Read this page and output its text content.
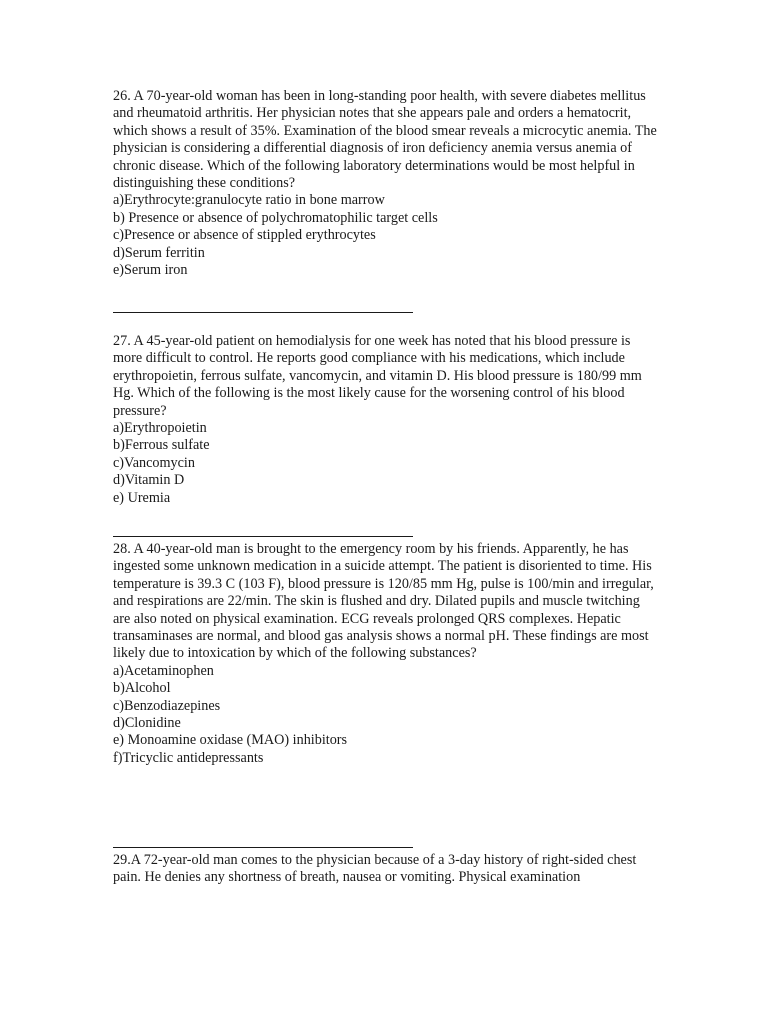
26. A 70-year-old woman has been in long-standing poor health, with severe diabetes mellitus and rheumatoid arthritis. Her physician notes that she appears pale and orders a hematocrit, which shows a result of 35%. Examination of the blood smear reveals a microcytic anemia. The physician is considering a differential diagnosis of iron deficiency anemia versus anemia of chronic disease. Which of the following laboratory determinations would be most helpful in distinguishing these conditions?

a)Erythrocyte:granulocyte ratio in bone marrow
b) Presence or absence of polychromatophilic target cells
c)Presence or absence of stippled erythrocytes
d)Serum ferritin
e)Serum iron

27. A 45-year-old patient on hemodialysis for one week has noted that his blood pressure is more difficult to control. He reports good compliance with his medications, which include erythropoietin, ferrous sulfate, vancomycin, and vitamin D. His blood pressure is 180/99 mm Hg. Which of the following is the most likely cause for the worsening control of his blood pressure?

a)Erythropoietin
b)Ferrous sulfate
c)Vancomycin
d)Vitamin D
e) Uremia

28. A 40-year-old man is brought to the emergency room by his friends. Apparently, he has ingested some unknown medication in a suicide attempt. The patient is disoriented to time. His temperature is 39.3 C (103 F), blood pressure is 120/85 mm Hg, pulse is 100/min and irregular, and respirations are 22/min. The skin is flushed and dry. Dilated pupils and muscle twitching are also noted on physical examination. ECG reveals prolonged QRS complexes. Hepatic transaminases are normal, and blood gas analysis shows a normal pH. These findings are most likely due to intoxication by which of the following substances?

a)Acetaminophen
b)Alcohol
c)Benzodiazepines
d)Clonidine
e) Monoamine oxidase (MAO) inhibitors
f)Tricyclic antidepressants

29.A 72-year-old man comes to the physician because of a 3-day history of right-sided chest pain. He denies any shortness of breath, nausea or vomiting. Physical examination
